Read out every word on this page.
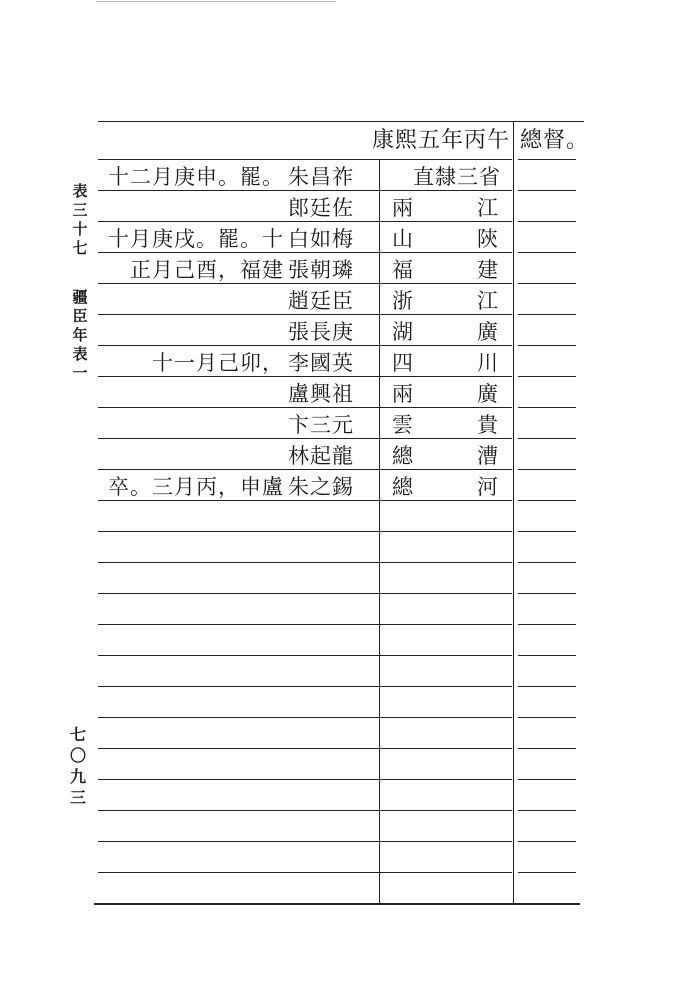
表三十七
疆臣年表一
七〇九三
康熙五年丙午 總督。
直隸三省
朱昌祚
十二月庚申。罷。
兩江
郎廷佐
山陝
白如梅
十月庚戌。罷。十
福建
張朝璘
正月己酉，福建
浙江
趙廷臣
湖廣
張長庚
四川
李國英
十一月己卯，
兩廣
盧興祖
雲貴
卞三元
總漕
林起龍
總河
朱之錫
卒。三月丙，申盧
